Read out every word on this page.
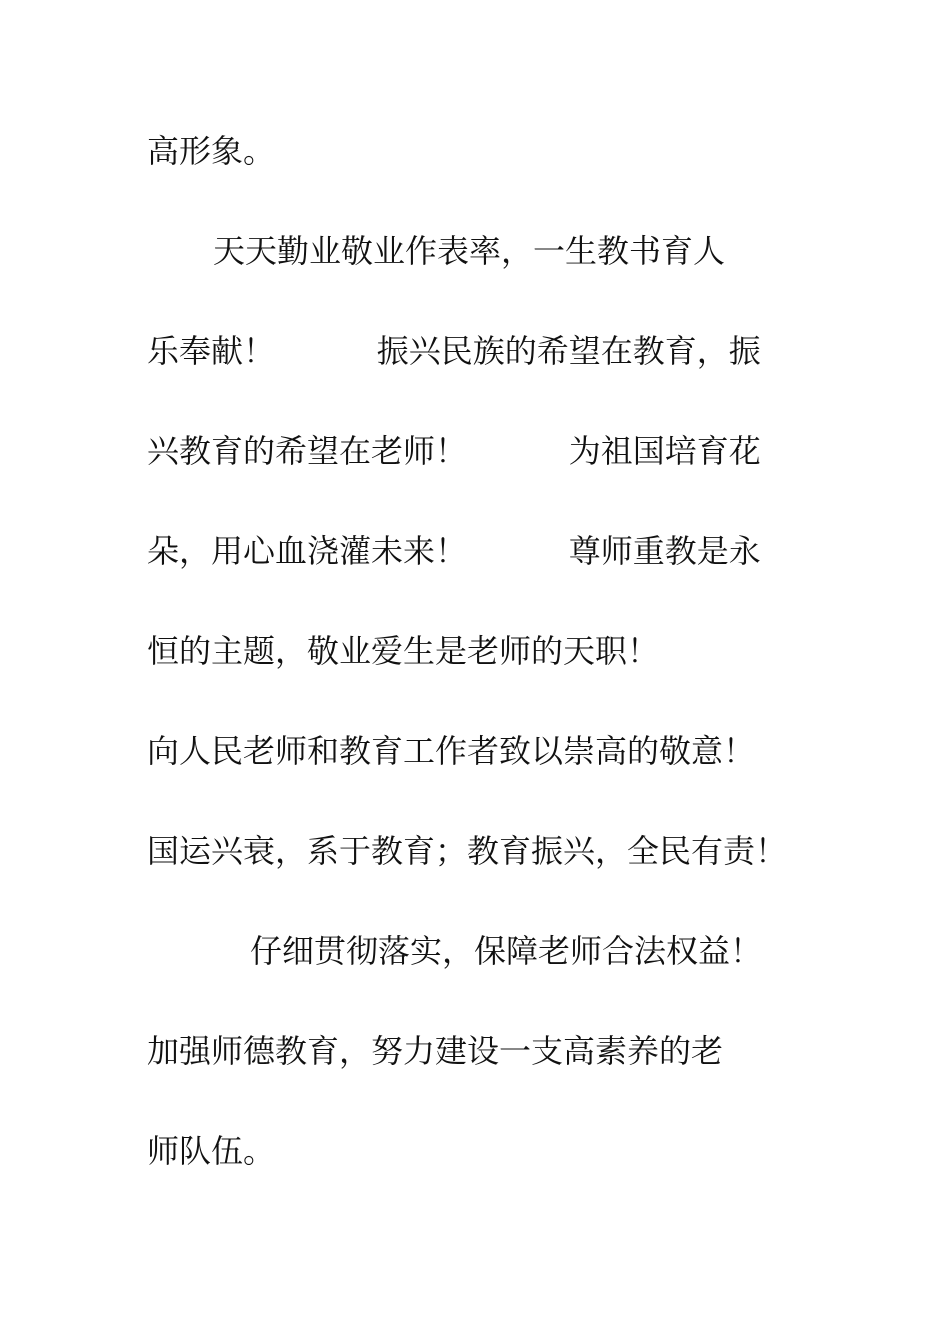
高形象。
天天勤业敬业作表率，一生教书育人
乐奉献！          振兴民族的希望在教育，振
兴教育的希望在老师！          为祖国培育花
朵，用心血浇灌未来！          尊师重教是永
恒的主题，敬业爱生是老师的天职！
向人民老师和教育工作者致以崇高的敬意！
国运兴衰，系于教育；教育振兴，全民有责！
仔细贯彻落实，保障老师合法权益！
加强师德教育，努力建设一支高素养的老
师队伍。
